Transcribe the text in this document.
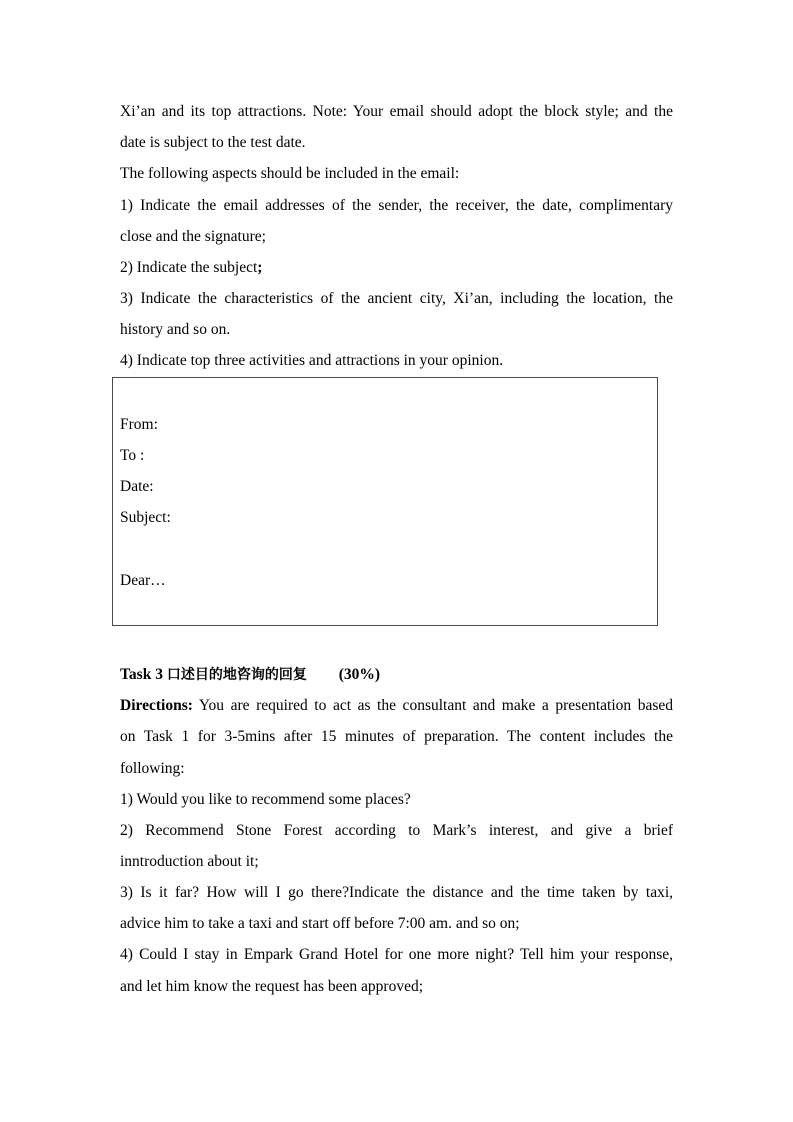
Xi’an and its top attractions. Note: Your email should adopt the block style; and the
date is subject to the test date.
The following aspects should be included in the email:
1) Indicate the email addresses of the sender, the receiver, the date, complimentary
close and the signature;
2) Indicate the subject;
3) Indicate the characteristics of the ancient city, Xi’an, including the location, the
history and so on.
4) Indicate top three activities and attractions in your opinion.
From:
To :
Date:
Subject:
Dear…
Task 3 口述目的地咨询的回复 (30%)
Directions: You are required to act as the consultant and make a presentation based
on Task 1 for 3-5mins after 15 minutes of preparation. The content includes the
following:
1) Would you like to recommend some places?
2) Recommend Stone Forest according to Mark’s interest, and give a brief
inntroduction about it;
3) Is it far? How will I go there?Indicate the distance and the time taken by taxi,
advice him to take a taxi and start off before 7:00 am. and so on;
4) Could I stay in Empark Grand Hotel for one more night? Tell him your response,
and let him know the request has been approved;
